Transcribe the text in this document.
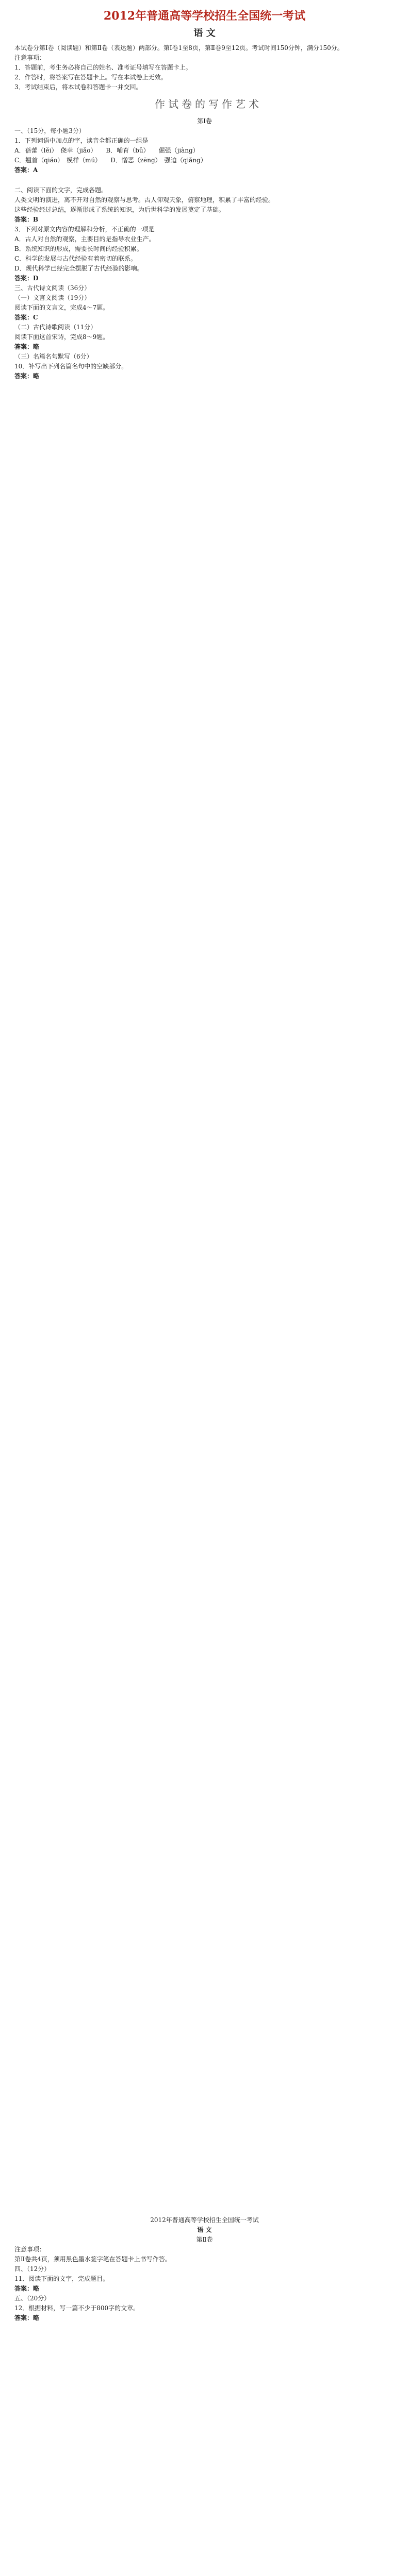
2012年普通高等学校招生全国统一考试
语 文
本试卷分第Ⅰ卷（阅读题）和第Ⅱ卷（表达题）两部分。第Ⅰ卷1至8页，第Ⅱ卷9至12页。考试时间150分钟，满分150分。
注意事项：
1．答题前，考生务必将自己的姓名、准考证号填写在答题卡上。
2．作答时，将答案写在答题卡上。写在本试卷上无效。
3．考试结束后，将本试卷和答题卡一并交回。
作试卷的写作艺术
第Ⅰ卷
一、（15分，每小题3分）
1．下列词语中加点的字，读音全都正确的一组是
A．蓓蕾（lěi）　侥幸（jiǎo）　　B．哺育（bǔ）　　倔强（jiàng）
C．翘首（qiáo）　模样（mú）　　D．憎恶（zēng）　强迫（qiǎng）
答案：A
二、阅读下面的文字，完成各题。
人类文明的演进，离不开对自然的观察与思考。古人仰观天象，俯察地理，积累了丰富的经验。
这些经验经过总结，逐渐形成了系统的知识，为后世科学的发展奠定了基础。
答案：B
3．下列对原文内容的理解和分析，不正确的一项是
A．古人对自然的观察，主要目的是指导农业生产。
B．系统知识的形成，需要长时间的经验积累。
C．科学的发展与古代经验有着密切的联系。
D．现代科学已经完全摆脱了古代经验的影响。
答案：D
三、古代诗文阅读（36分）
（一）文言文阅读（19分）
阅读下面的文言文，完成4～7题。
答案：C
（二）古代诗歌阅读（11分）
阅读下面这首宋诗，完成8～9题。
答案：略
（三）名篇名句默写（6分）
10．补写出下列名篇名句中的空缺部分。
答案：略
2012年普通高等学校招生全国统一考试
语 文
第Ⅱ卷
注意事项：
第Ⅱ卷共4页，须用黑色墨水签字笔在答题卡上书写作答。
四、（12分）
11．阅读下面的文字，完成题目。
答案：略
五、（20分）
12．根据材料，写一篇不少于800字的文章。
答案：略
